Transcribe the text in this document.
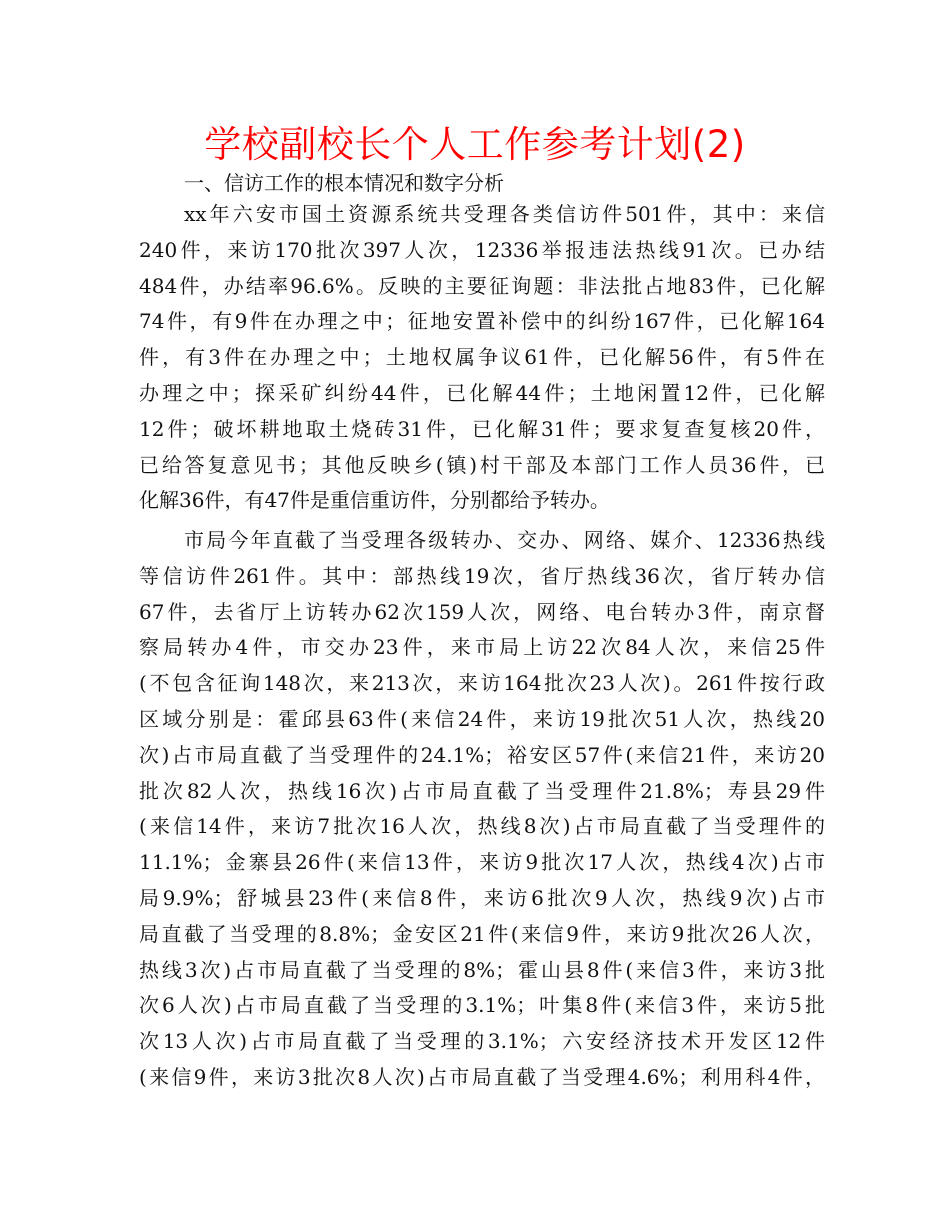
学校副校长个人工作参考计划(2)

一、信访工作的根本情况和数字分析

xx年六安市国土资源系统共受理各类信访件501件，其中：来信
240件，来访170批次397人次，12336举报违法热线91次。已办结
484件，办结率96.6%。反映的主要征询题：非法批占地83件，已化解
74件，有9件在办理之中；征地安置补偿中的纠纷167件，已化解164
件，有3件在办理之中；土地权属争议61件，已化解56件，有5件在
办理之中；探采矿纠纷44件，已化解44件；土地闲置12件，已化解
12件；破坏耕地取土烧砖31件，已化解31件；要求复查复核20件，
已给答复意见书；其他反映乡(镇)村干部及本部门工作人员36件，已
化解36件，有47件是重信重访件，分别都给予转办。

市局今年直截了当受理各级转办、交办、网络、媒介、12336热线
等信访件261件。其中：部热线19次，省厅热线36次，省厅转办信
67件，去省厅上访转办62次159人次，网络、电台转办3件，南京督
察局转办4件，市交办23件，来市局上访22次84人次，来信25件
(不包含征询148次，来213次，来访164批次23人次)。261件按行政
区域分别是：霍邱县63件(来信24件，来访19批次51人次，热线20
次)占市局直截了当受理件的24.1%；裕安区57件(来信21件，来访20
批次82人次，热线16次)占市局直截了当受理件21.8%；寿县29件
(来信14件，来访7批次16人次，热线8次)占市局直截了当受理件的
11.1%；金寨县26件(来信13件，来访9批次17人次，热线4次)占市
局9.9%；舒城县23件(来信8件，来访6批次9人次，热线9次)占市
局直截了当受理的8.8%；金安区21件(来信9件，来访9批次26人次，
热线3次)占市局直截了当受理的8%；霍山县8件(来信3件，来访3批
次6人次)占市局直截了当受理的3.1%；叶集8件(来信3件，来访5批
次13人次)占市局直截了当受理的3.1%；六安经济技术开发区12件
(来信9件，来访3批次8人次)占市局直截了当受理4.6%；利用科4件，
